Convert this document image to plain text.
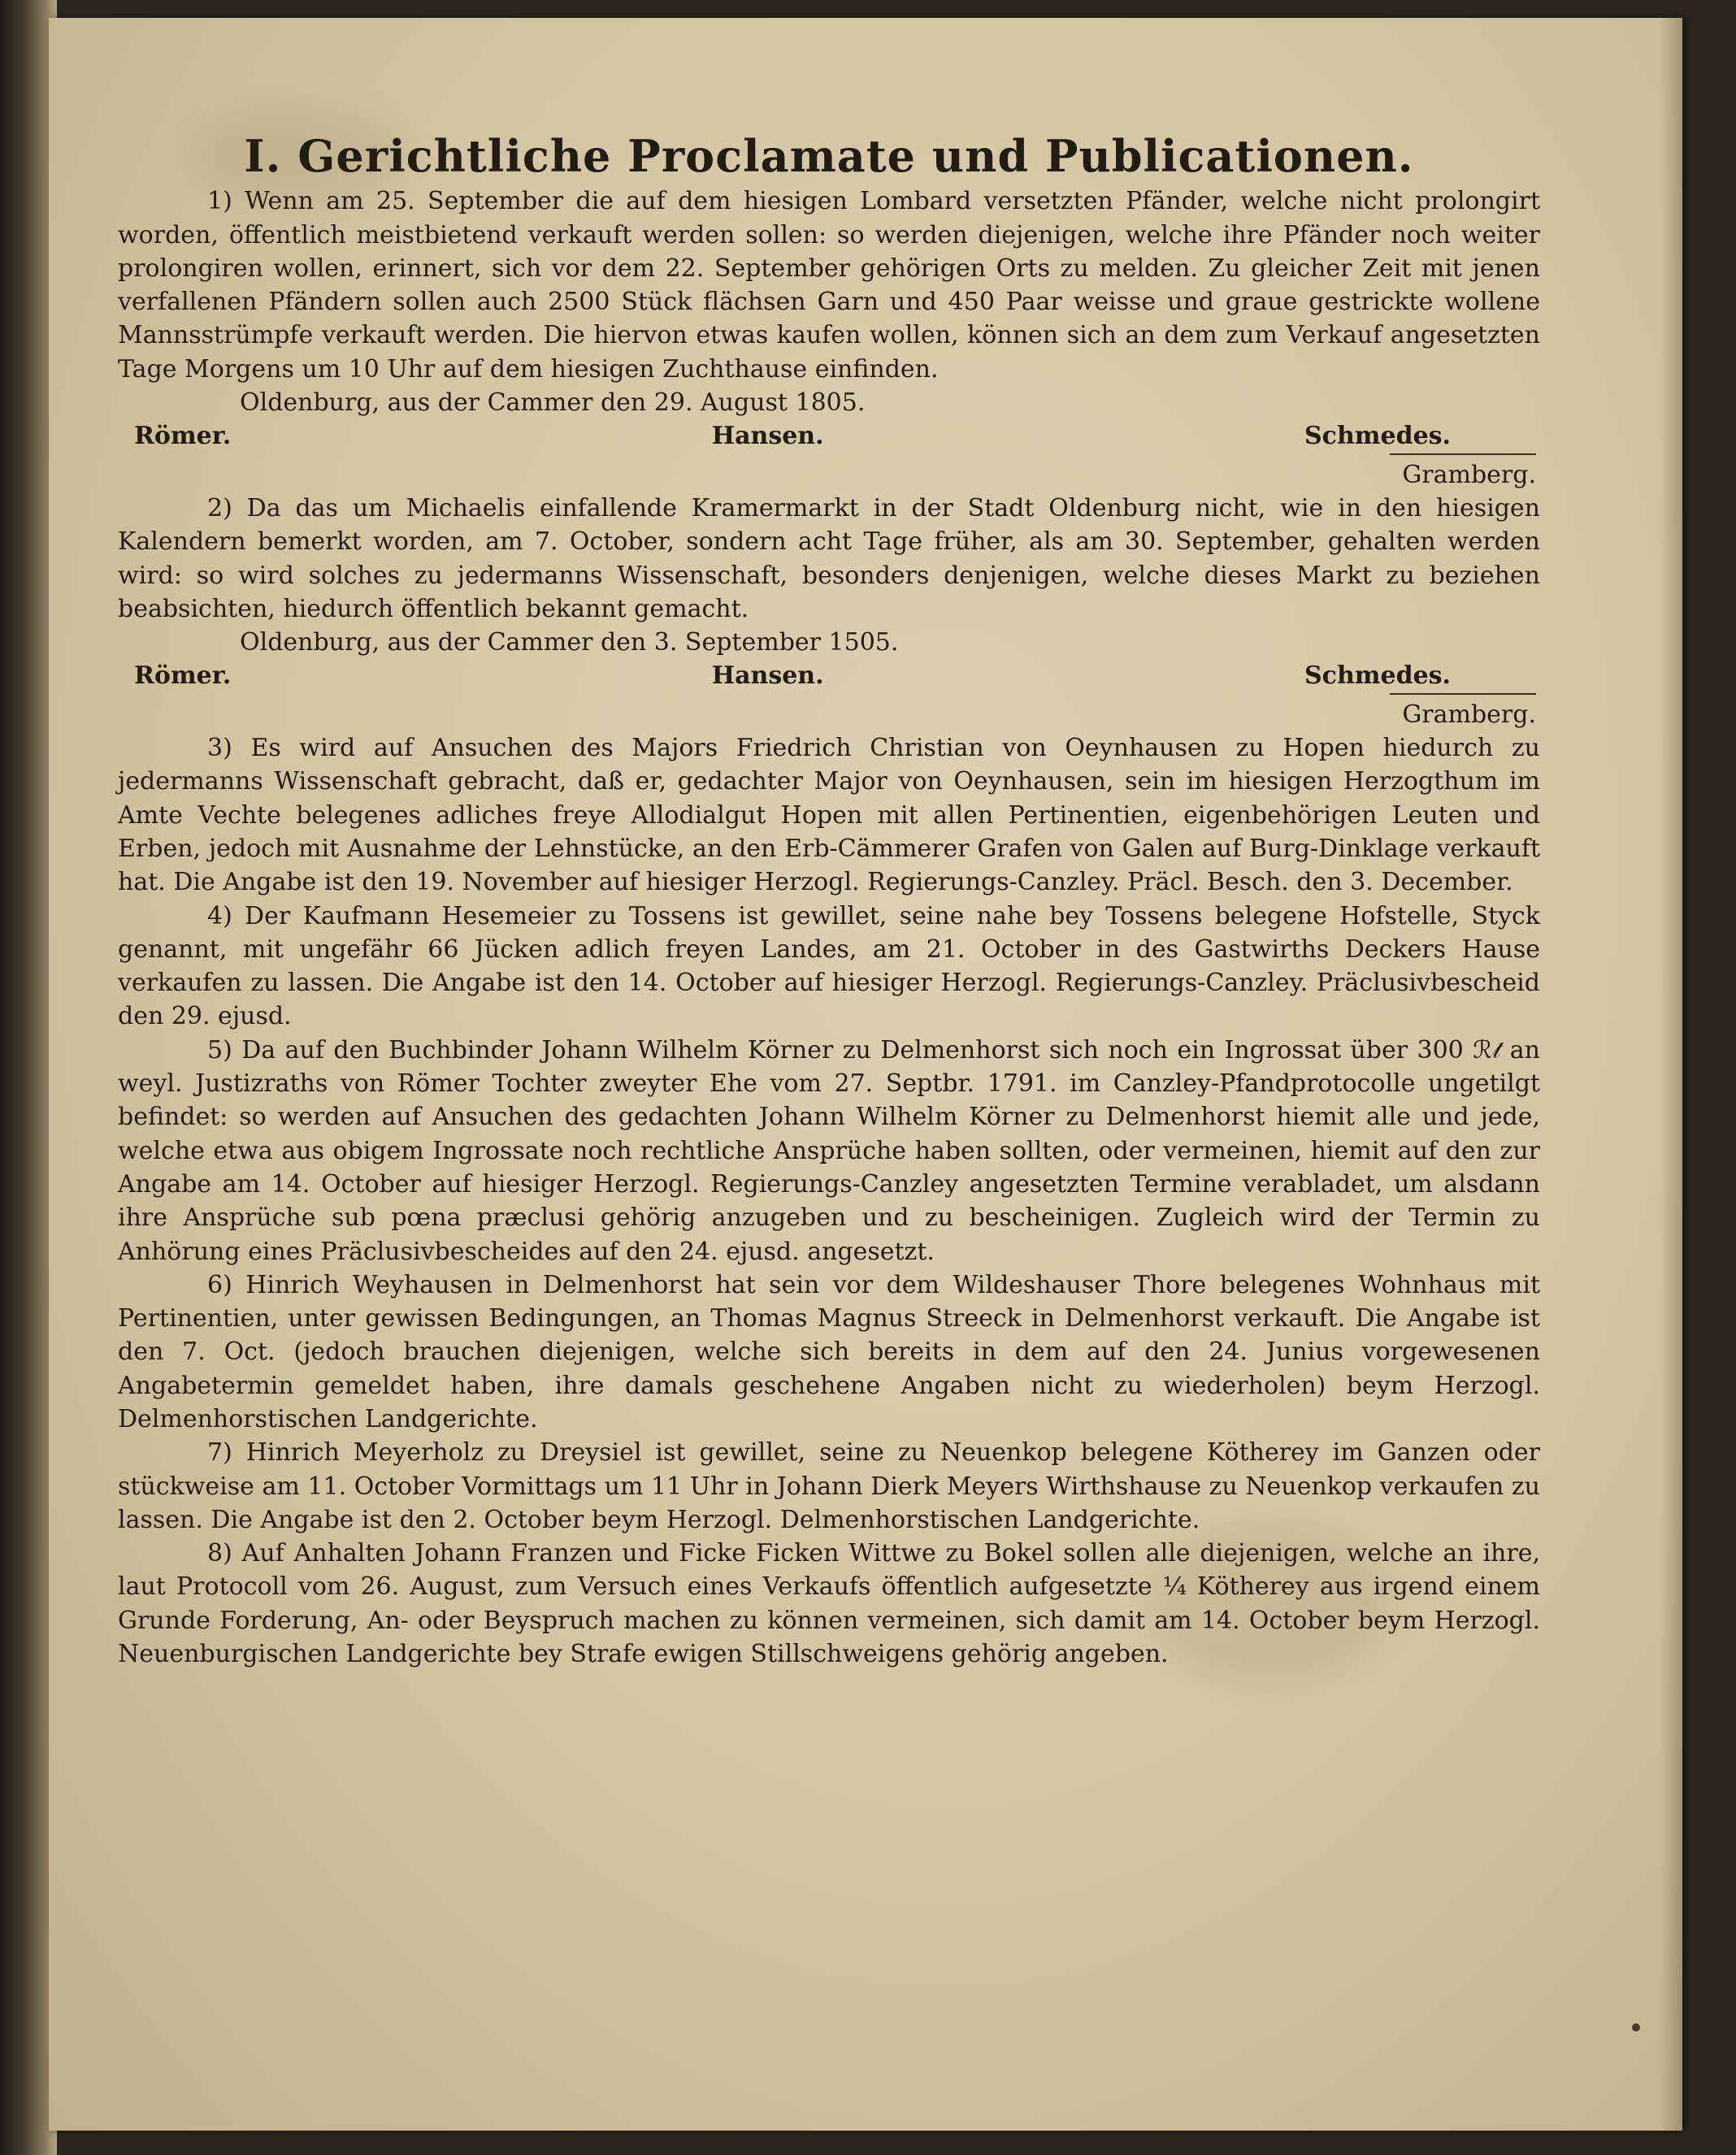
I. Gerichtliche Proclamate und Publicationen.

1) Wenn am 25. September die auf dem hiesigen Lombard versetzten Pfänder, welche nicht prolongirt worden, öffentlich meistbietend verkauft werden sollen: so werden diejenigen, welche ihre Pfänder noch weiter prolongiren wollen, erinnert, sich vor dem 22. September gehörigen Orts zu melden. Zu gleicher Zeit mit jenen verfallenen Pfändern sollen auch 2500 Stück flächsen Garn und 450 Paar weisse und graue gestrickte wollene Mannsstrümpfe verkauft werden. Die hiervon etwas kaufen wollen, können sich an dem zum Verkauf angesetzten Tage Morgens um 10 Uhr auf dem hiesigen Zuchthause einfinden.

Oldenburg, aus der Cammer den 29. August 1805.

Römer.	Hansen.	Schmedes.

Gramberg.

2) Da das um Michaelis einfallende Kramermarkt in der Stadt Oldenburg nicht, wie in den hiesigen Kalendern bemerkt worden, am 7. October, sondern acht Tage früher, als am 30. September, gehalten werden wird: so wird solches zu jedermanns Wissenschaft, besonders denjenigen, welche dieses Markt zu beziehen beabsichten, hiedurch öffentlich bekannt gemacht.

Oldenburg, aus der Cammer den 3. September 1505.

Römer.	Hansen.	Schmedes.

Gramberg.

3) Es wird auf Ansuchen des Majors Friedrich Christian von Oeynhausen zu Hopen hiedurch zu jedermanns Wissenschaft gebracht, daß er, gedachter Major von Oeynhausen, sein im hiesigen Herzogthum im Amte Vechte belegenes adliches freye Allodialgut Hopen mit allen Pertinentien, eigenbehörigen Leuten und Erben, jedoch mit Ausnahme der Lehnstücke, an den Erb-Cämmerer Grafen von Galen auf Burg-Dinklage verkauft hat. Die Angabe ist den 19. November auf hiesiger Herzogl. Regierungs-Canzley. Präcl. Besch. den 3. December.

4) Der Kaufmann Hesemeier zu Tossens ist gewillet, seine nahe bey Tossens belegene Hofstelle, Styck genannt, mit ungefähr 66 Jücken adlich freyen Landes, am 21. October in des Gastwirths Deckers Hause verkaufen zu lassen. Die Angabe ist den 14. October auf hiesiger Herzogl. Regierungs-Canzley. Präclusivbescheid den 29. ejusd.

5) Da auf den Buchbinder Johann Wilhelm Körner zu Delmenhorst sich noch ein Ingrossat über 300 ℛ𝓉 an weyl. Justizraths von Römer Tochter zweyter Ehe vom 27. Septbr. 1791. im Canzley-Pfandprotocolle ungetilgt befindet: so werden auf Ansuchen des gedachten Johann Wilhelm Körner zu Delmenhorst hiemit alle und jede, welche etwa aus obigem Ingrossate noch rechtliche Ansprüche haben sollten, oder vermeinen, hiemit auf den zur Angabe am 14. October auf hiesiger Herzogl. Regierungs-Canzley angesetzten Termine verabladet, um alsdann ihre Ansprüche sub pœna præclusi gehörig anzugeben und zu bescheinigen. Zugleich wird der Termin zu Anhörung eines Präclusivbescheides auf den 24. ejusd. angesetzt.

6) Hinrich Weyhausen in Delmenhorst hat sein vor dem Wildeshauser Thore belegenes Wohnhaus mit Pertinentien, unter gewissen Bedingungen, an Thomas Magnus Streeck in Delmenhorst verkauft. Die Angabe ist den 7. Oct. (jedoch brauchen diejenigen, welche sich bereits in dem auf den 24. Junius vorgewesenen Angabetermin gemeldet haben, ihre damals geschehene Angaben nicht zu wiederholen) beym Herzogl. Delmenhorstischen Landgerichte.

7) Hinrich Meyerholz zu Dreysiel ist gewillet, seine zu Neuenkop belegene Kötherey im Ganzen oder stückweise am 11. October Vormittags um 11 Uhr in Johann Dierk Meyers Wirthshause zu Neuenkop verkaufen zu lassen. Die Angabe ist den 2. October beym Herzogl. Delmenhorstischen Landgerichte.

8) Auf Anhalten Johann Franzen und Ficke Ficken Wittwe zu Bokel sollen alle diejenigen, welche an ihre, laut Protocoll vom 26. August, zum Versuch eines Verkaufs öffentlich aufgesetzte ¼ Kötherey aus irgend einem Grunde Forderung, An- oder Beyspruch machen zu können vermeinen, sich damit am 14. October beym Herzogl. Neuenburgischen Landgerichte bey Strafe ewigen Stillschweigens gehörig angeben.
